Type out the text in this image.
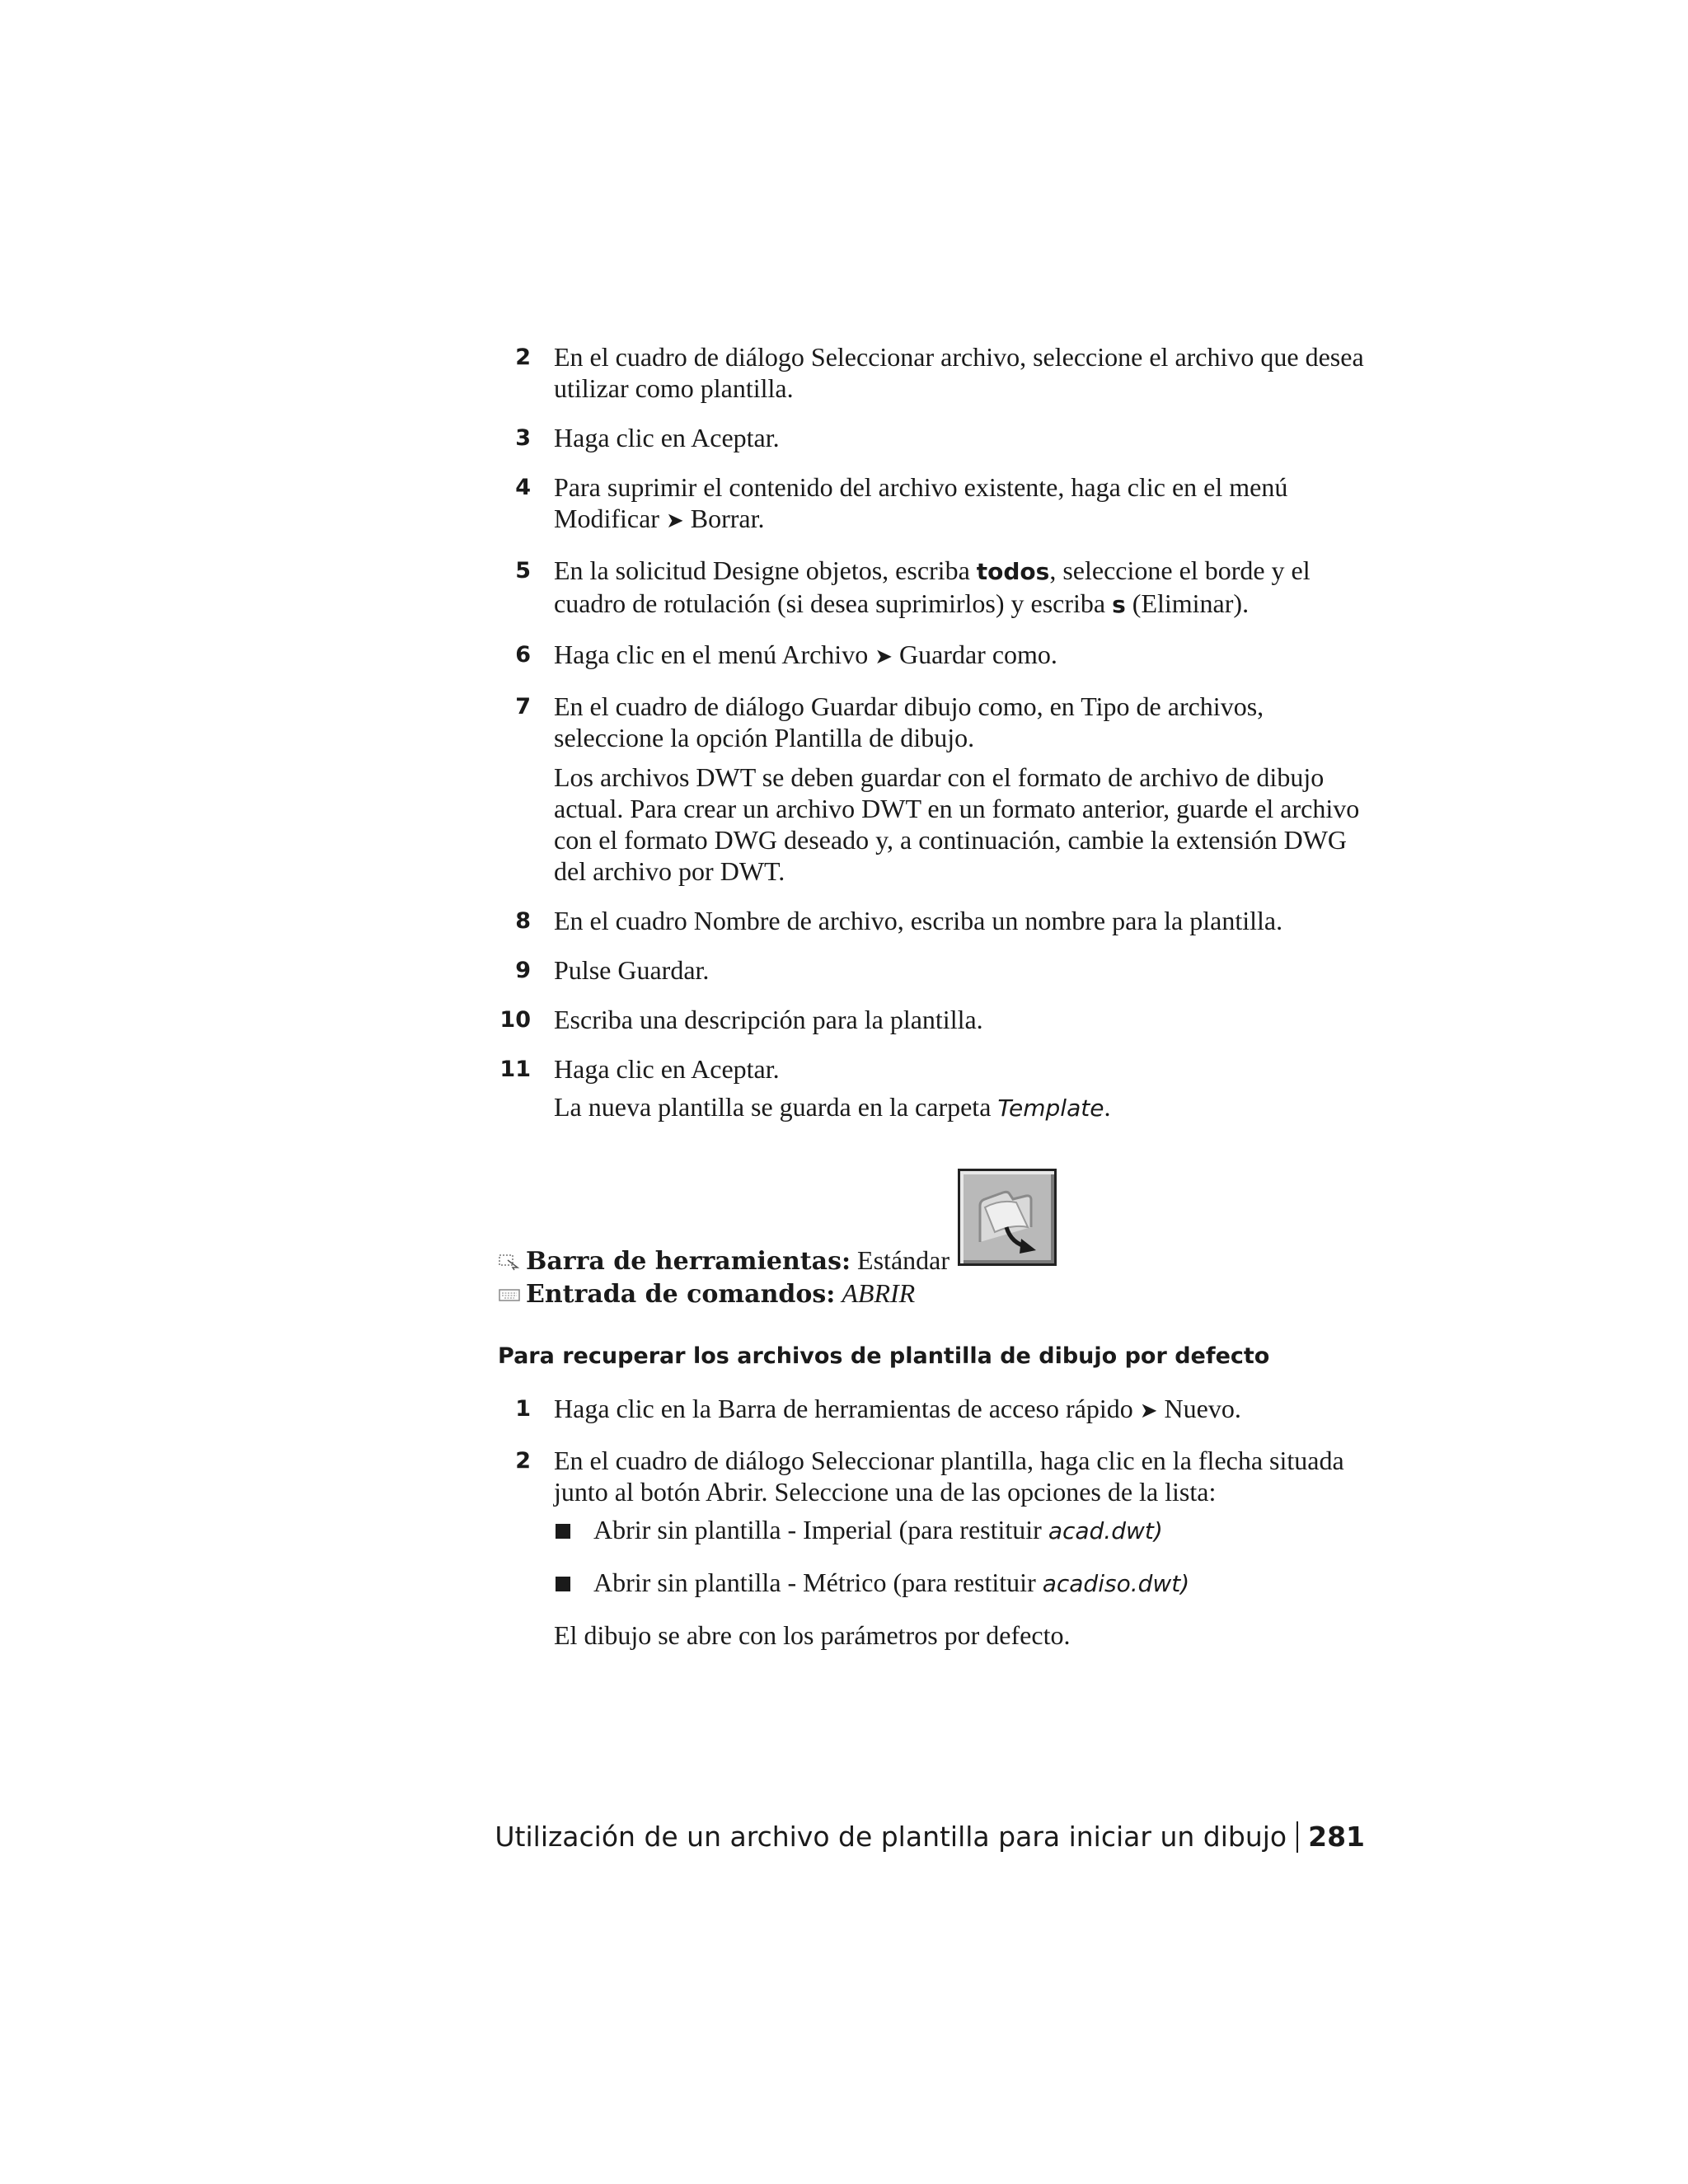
2 En el cuadro de diálogo Seleccionar archivo, seleccione el archivo que desea utilizar como plantilla.

3 Haga clic en Aceptar.

4 Para suprimir el contenido del archivo existente, haga clic en el menú Modificar ➤ Borrar.

5 En la solicitud Designe objetos, escriba todos, seleccione el borde y el cuadro de rotulación (si desea suprimirlos) y escriba s (Eliminar).

6 Haga clic en el menú Archivo ➤ Guardar como.

7 En el cuadro de diálogo Guardar dibujo como, en Tipo de archivos, seleccione la opción Plantilla de dibujo.

Los archivos DWT se deben guardar con el formato de archivo de dibujo actual. Para crear un archivo DWT en un formato anterior, guarde el archivo con el formato DWG deseado y, a continuación, cambie la extensión DWG del archivo por DWT.

8 En el cuadro Nombre de archivo, escriba un nombre para la plantilla.

9 Pulse Guardar.

10 Escriba una descripción para la plantilla.

11 Haga clic en Aceptar.

La nueva plantilla se guarda en la carpeta Template.

Barra de herramientas: Estándar
Entrada de comandos: ABRIR
Para recuperar los archivos de plantilla de dibujo por defecto
1 Haga clic en la Barra de herramientas de acceso rápido ➤ Nuevo.

2 En el cuadro de diálogo Seleccionar plantilla, haga clic en la flecha situada junto al botón Abrir. Seleccione una de las opciones de la lista:

Abrir sin plantilla - Imperial (para restituir acad.dwt)
Abrir sin plantilla - Métrico (para restituir acadiso.dwt)

El dibujo se abre con los parámetros por defecto.

Utilización de un archivo de plantilla para iniciar un dibujo 281
